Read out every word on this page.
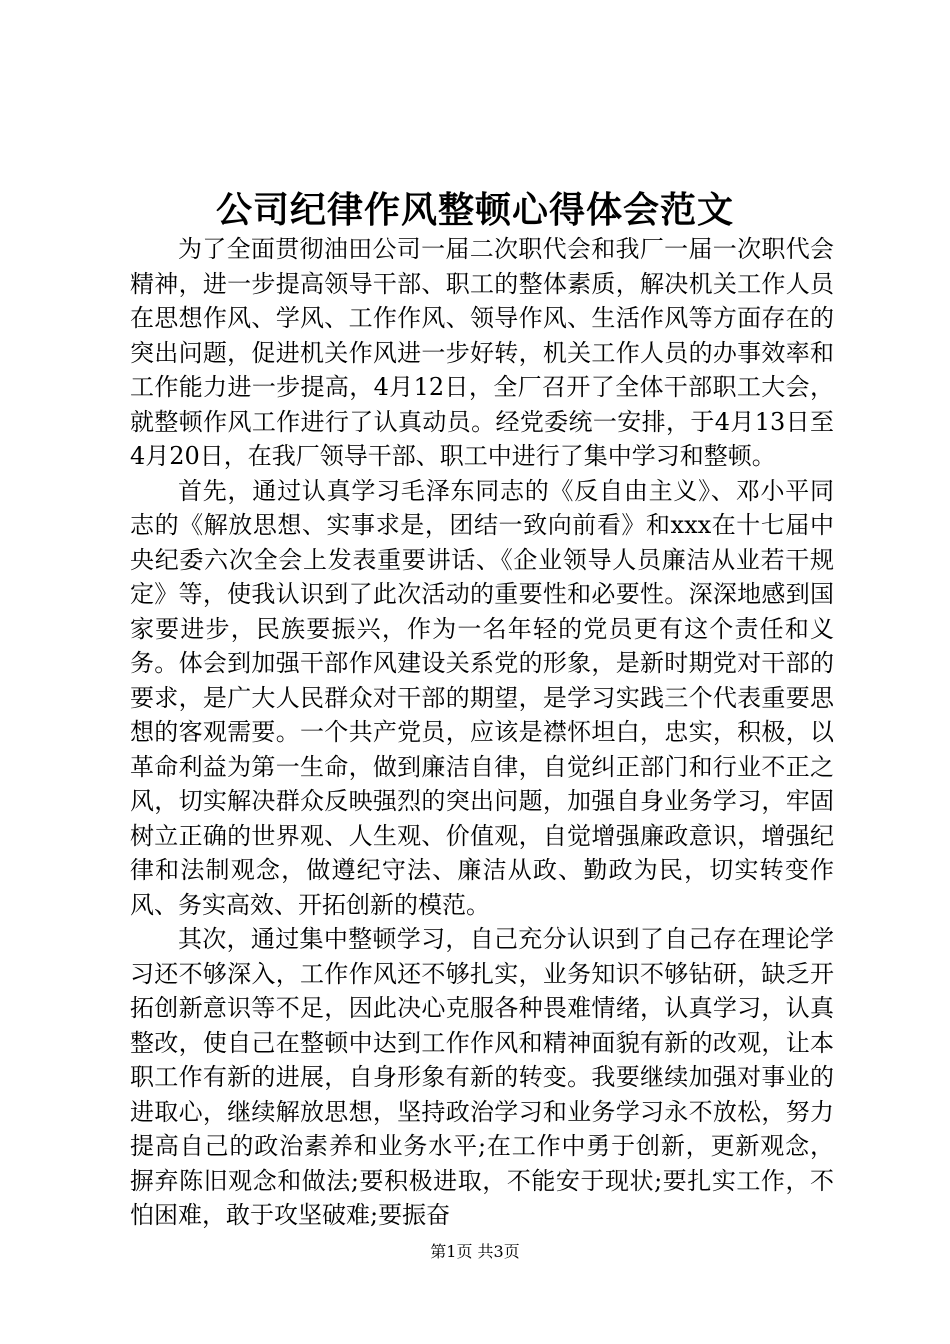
公司纪律作风整顿心得体会范文

为了全面贯彻油田公司一届二次职代会和我厂一届一次职代会精神，进一步提高领导干部、职工的整体素质，解决机关工作人员在思想作风、学风、工作作风、领导作风、生活作风等方面存在的突出问题，促进机关作风进一步好转，机关工作人员的办事效率和工作能力进一步提高，4月12日，全厂召开了全体干部职工大会，就整顿作风工作进行了认真动员。经党委统一安排，于4月13日至4月20日，在我厂领导干部、职工中进行了集中学习和整顿。

首先，通过认真学习毛泽东同志的《反自由主义》、邓小平同志的《解放思想、实事求是，团结一致向前看》和xxx在十七届中央纪委六次全会上发表重要讲话、《企业领导人员廉洁从业若干规定》等，使我认识到了此次活动的重要性和必要性。深深地感到国家要进步，民族要振兴，作为一名年轻的党员更有这个责任和义务。体会到加强干部作风建设关系党的形象，是新时期党对干部的要求，是广大人民群众对干部的期望，是学习实践三个代表重要思想的客观需要。一个共产党员，应该是襟怀坦白，忠实，积极，以革命利益为第一生命，做到廉洁自律，自觉纠正部门和行业不正之风，切实解决群众反映强烈的突出问题，加强自身业务学习，牢固树立正确的世界观、人生观、价值观，自觉增强廉政意识，增强纪律和法制观念，做遵纪守法、廉洁从政、勤政为民，切实转变作风、务实高效、开拓创新的模范。

其次，通过集中整顿学习，自己充分认识到了自己存在理论学习还不够深入，工作作风还不够扎实，业务知识不够钻研，缺乏开拓创新意识等不足，因此决心克服各种畏难情绪，认真学习，认真整改，使自己在整顿中达到工作作风和精神面貌有新的改观，让本职工作有新的进展，自身形象有新的转变。我要继续加强对事业的进取心，继续解放思想，坚持政治学习和业务学习永不放松，努力提高自己的政治素养和业务水平;在工作中勇于创新，更新观念，摒弃陈旧观念和做法;要积极进取，不能安于现状;要扎实工作，不怕困难，敢于攻坚破难;要振奋

第1页 共3页
